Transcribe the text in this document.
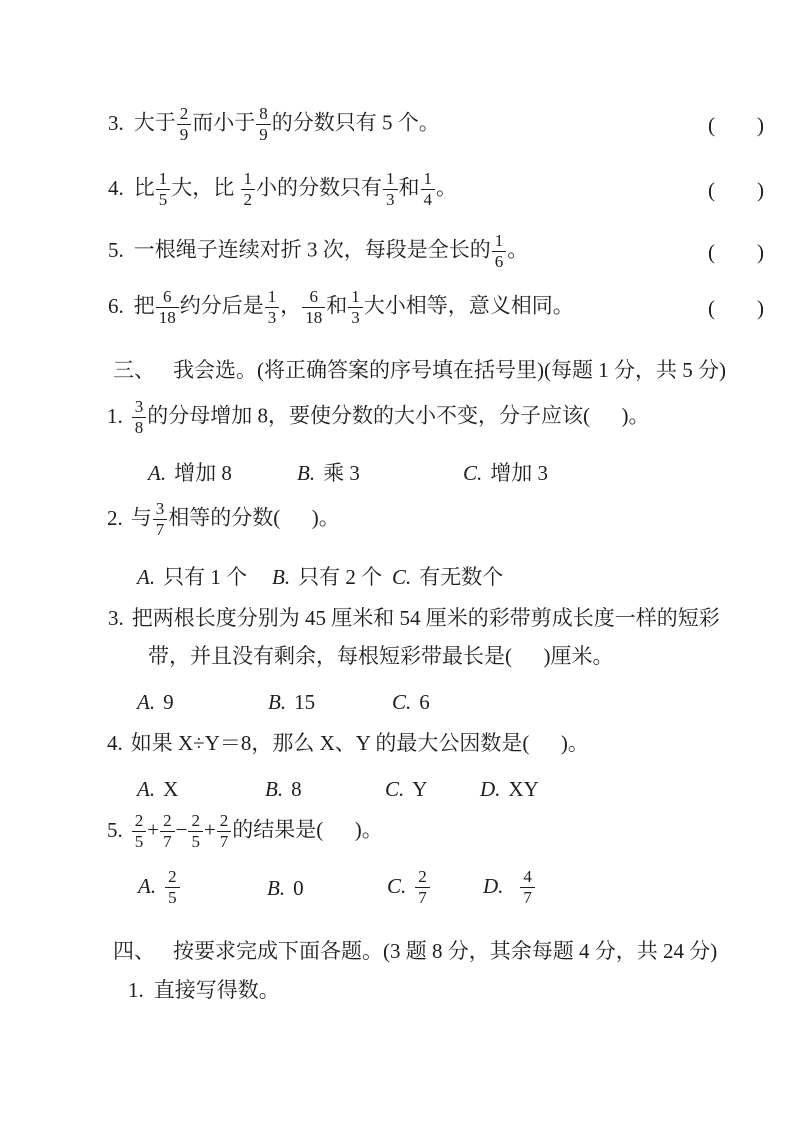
3. 大于 $\frac{2}{9}$ 而小于 $\frac{8}{9}$ 的分数只有 5 个。	(        )
4. 比 $\frac{1}{5}$ 大，比 $\frac{1}{2}$ 小的分数只有 $\frac{1}{3}$ 和 $\frac{1}{4}$ 。	(        )
5. 一根绳子连续对折 3 次，每段是全长的 $\frac{1}{6}$ 。	(        )
6. 把 $\frac{6}{18}$ 约分后是 $\frac{1}{3}$ ， $\frac{6}{18}$ 和 $\frac{1}{3}$ 大小相等，意义相同。	(        )
三、 我会选。(将正确答案的序号填在括号里)(每题 1 分，共 5 分)
1. $\frac{3}{8}$ 的分母增加 8，要使分数的大小不变，分子应该(      )。
A. 增加 8	B. 乘 3	C. 增加 3
2. 与 $\frac{3}{7}$ 相等的分数(      )。
A. 只有 1 个 B. 只有 2 个 C. 有无数个
3. 把两根长度分别为 45 厘米和 54 厘米的彩带剪成长度一样的短彩
带，并且没有剩余，每根短彩带最长是(      )厘米。
A. 9	B. 15	C. 6
4. 如果 X÷Y＝8，那么 X、Y 的最大公因数是(      )。
A. X	B. 8	C. Y	D. XY
5. $\frac{2}{5} + \frac{2}{7} - \frac{2}{5} + \frac{2}{7}$ 的结果是(      )。
A. $\frac{2}{5}$	B. 0	C. $\frac{2}{7}$	D. $\frac{4}{7}$
四、 按要求完成下面各题。(3 题 8 分，其余每题 4 分，共 24 分)
1. 直接写得数。
